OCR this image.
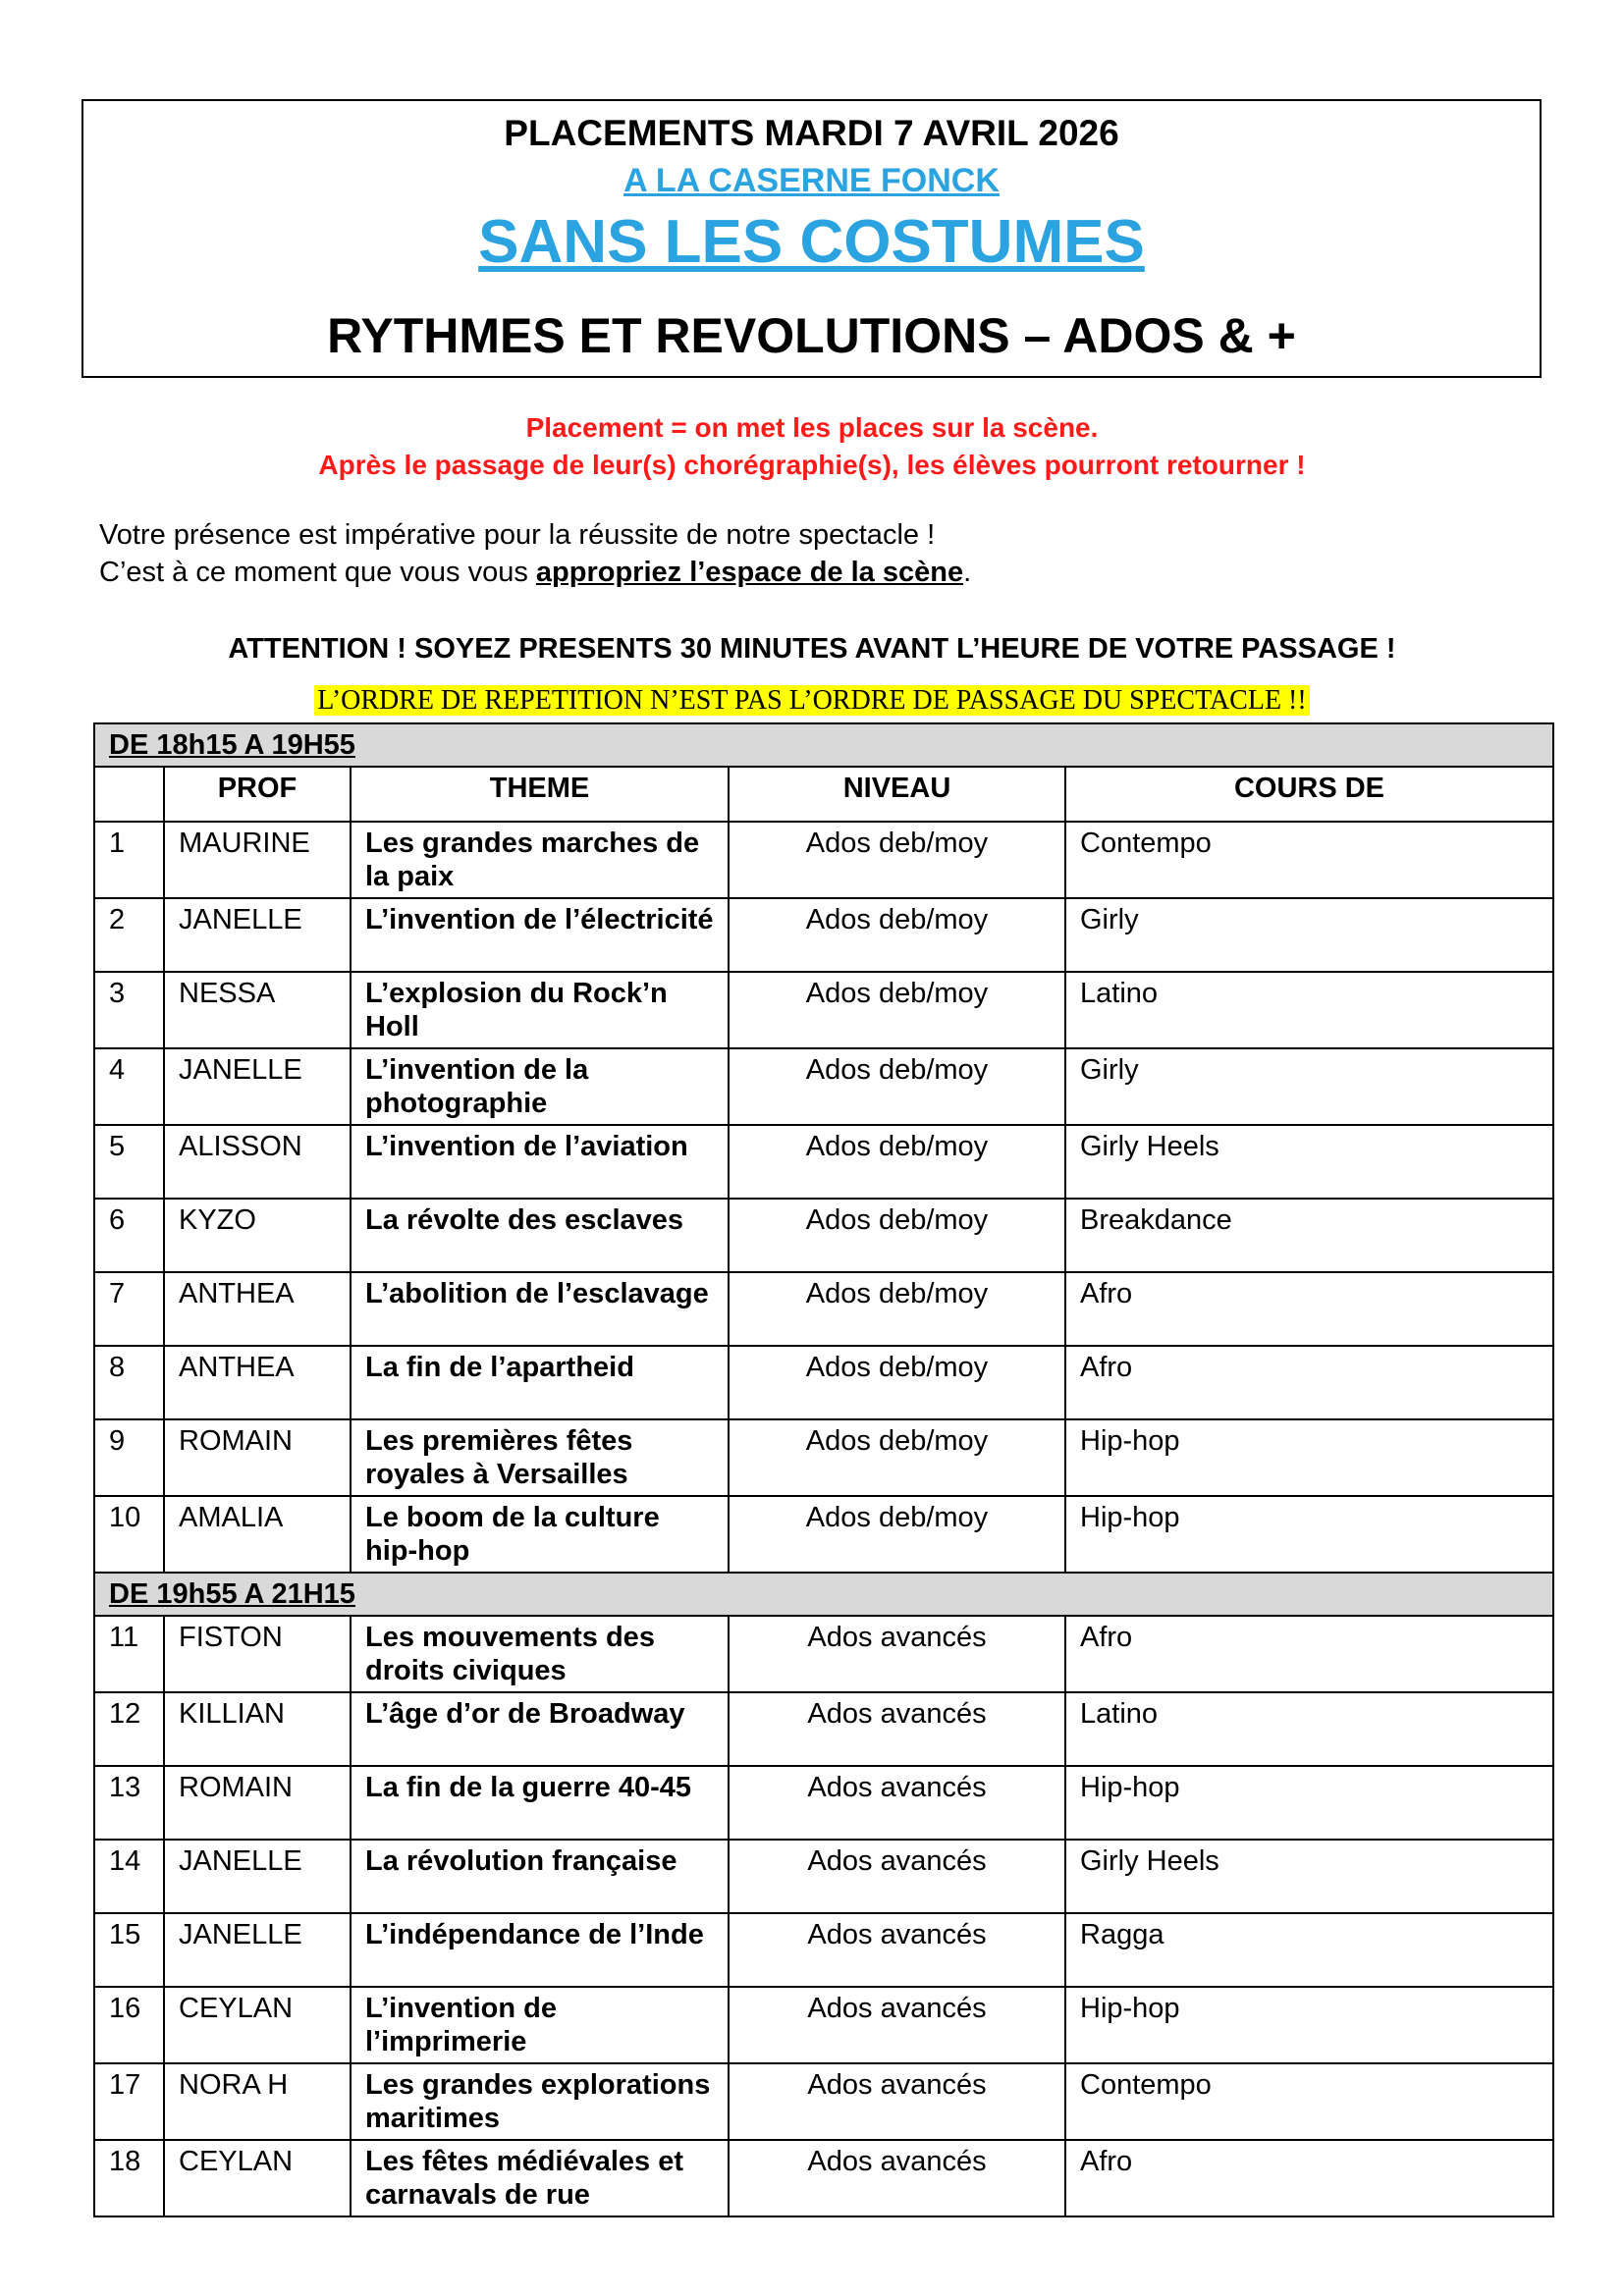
PLACEMENTS MARDI 7 AVRIL 2026
A LA CASERNE FONCK
SANS LES COSTUMES
RYTHMES ET REVOLUTIONS – ADOS & +
Placement = on met les places sur la scène.
Après le passage de leur(s) chorégraphie(s), les élèves pourront retourner !
Votre présence est impérative pour la réussite de notre spectacle !
C’est à ce moment que vous vous appropriez l’espace de la scène.
ATTENTION ! SOYEZ PRESENTS 30 MINUTES AVANT L’HEURE DE VOTRE PASSAGE !
L’ORDRE DE REPETITION N’EST PAS L’ORDRE DE PASSAGE DU SPECTACLE !!
DE 18h15 A 19H55				
	PROF	THEME	NIVEAU	COURS DE
1	MAURINE	Les grandes marches de la paix	Ados deb/moy	Contempo
2	JANELLE	L’invention de l’électricité	Ados deb/moy	Girly
3	NESSA	L’explosion du Rock’n Holl	Ados deb/moy	Latino
4	JANELLE	L’invention de la photographie	Ados deb/moy	Girly
5	ALISSON	L’invention de l’aviation	Ados deb/moy	Girly Heels
6	KYZO	La révolte des esclaves	Ados deb/moy	Breakdance
7	ANTHEA	L’abolition de l’esclavage	Ados deb/moy	Afro
8	ANTHEA	La fin de l’apartheid	Ados deb/moy	Afro
9	ROMAIN	Les premières fêtes royales à Versailles	Ados deb/moy	Hip-hop
10	AMALIA	Le boom de la culture hip-hop	Ados deb/moy	Hip-hop
DE 19h55 A 21H15				
11	FISTON	Les mouvements des droits civiques	Ados avancés	Afro
12	KILLIAN	L’âge d’or de Broadway	Ados avancés	Latino
13	ROMAIN	La fin de la guerre 40-45	Ados avancés	Hip-hop
14	JANELLE	La révolution française	Ados avancés	Girly Heels
15	JANELLE	L’indépendance de l’Inde	Ados avancés	Ragga
16	CEYLAN	L’invention de l’imprimerie	Ados avancés	Hip-hop
17	NORA H	Les grandes explorations maritimes	Ados avancés	Contempo
18	CEYLAN	Les fêtes médiévales et carnavals de rue	Ados avancés	Afro
